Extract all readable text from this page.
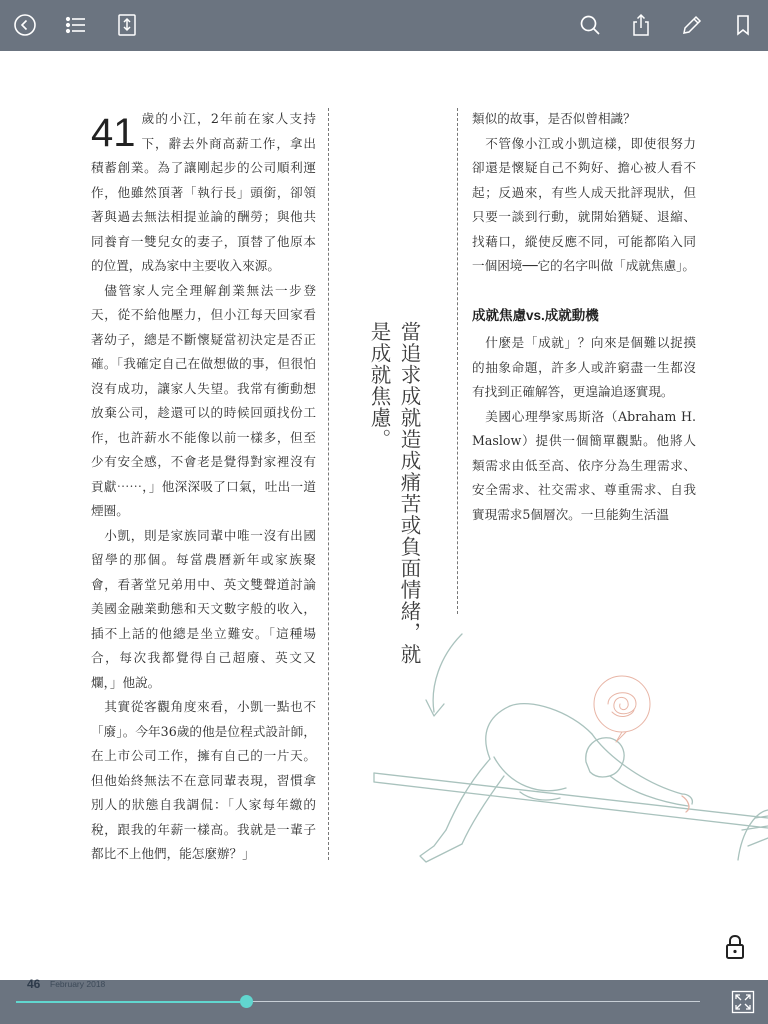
41 歲的小江，2年前在家人支持下，辭去外商高薪工作，拿出積蓄創業。為了讓剛起步的公司順利運作，他雖然頂著「執行長」頭銜，卻領著與過去無法相提並論的酬勞；與他共同養育一雙兒女的妻子，頂替了他原本的位置，成為家中主要收入來源。

儘管家人完全理解創業無法一步登天，從不給他壓力，但小江每天回家看著幼子，總是不斷懷疑當初決定是否正確。「我確定自己在做想做的事，但很怕沒有成功，讓家人失望。我常有衝動想放棄公司，趁還可以的時候回頭找份工作，也許薪水不能像以前一樣多，但至少有安全感，不會老是覺得對家裡沒有貢獻⋯⋯，」他深深吸了口氣，吐出一道煙圈。

小凱，則是家族同輩中唯一沒有出國留學的那個。每當農曆新年或家族聚會，看著堂兄弟用中、英文雙聲道討論美國金融業動態和天文數字般的收入，插不上話的他總是坐立難安。「這種場合，每次我都覺得自己超廢、英文又爛，」他說。

其實從客觀角度來看，小凱一點也不「廢」。今年36歲的他是位程式設計師，在上市公司工作，擁有自己的一片天。但他始終無法不在意同輩表現，習慣拿別人的狀態自我調侃：「人家每年繳的稅，跟我的年薪一樣高。我就是一輩子都比不上他們，能怎麼辦？」

當追求成就造成痛苦或負面情緒，就是成就焦慮。

類似的故事，是否似曾相識？

不管像小江或小凱這樣，即使很努力卻還是懷疑自己不夠好、擔心被人看不起；反過來，有些人成天批評現狀，但只要一談到行動，就開始猶疑、退縮、找藉口，縱使反應不同，可能都陷入同一個困境──它的名字叫做「成就焦慮」。

成就焦慮vs.成就動機

什麼是「成就」？向來是個難以捉摸的抽象命題，許多人或許窮盡一生都沒有找到正確解答，更遑論追逐實現。

美國心理學家馬斯洛（Abraham H. Maslow）提供一個簡單觀點。他將人類需求由低至高、依序分為生理需求、安全需求、社交需求、尊重需求、自我實現需求5個層次。一旦能夠生活溫

46 February 2018
